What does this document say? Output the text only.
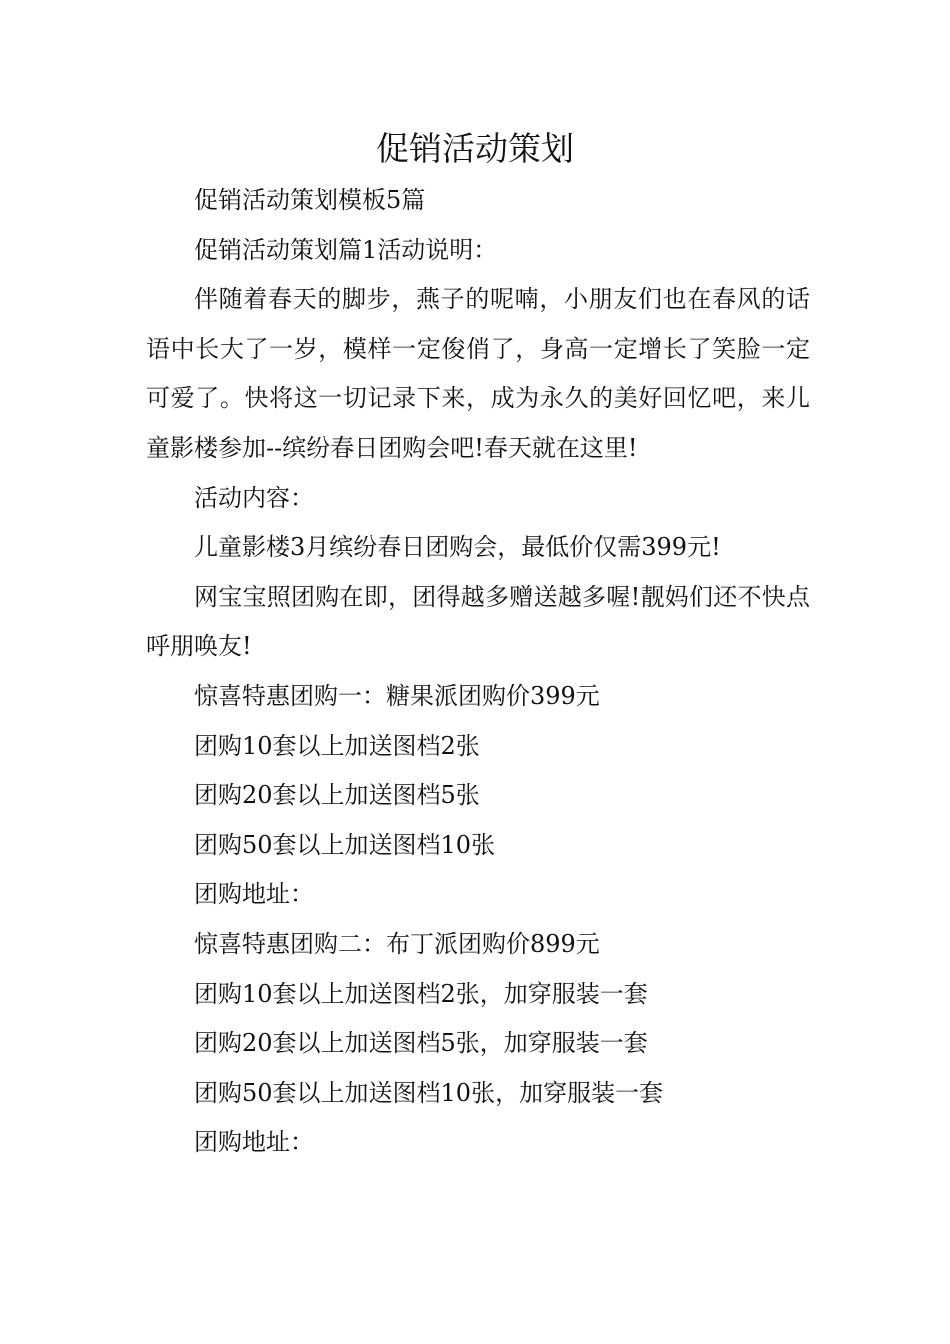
促销活动策划

促销活动策划模板5篇

促销活动策划篇1活动说明：

伴随着春天的脚步，燕子的呢喃，小朋友们也在春风的话语中长大了一岁，模样一定俊俏了，身高一定增长了笑脸一定可爱了。快将这一切记录下来，成为永久的美好回忆吧，来儿童影楼参加--缤纷春日团购会吧!春天就在这里!

活动内容：

儿童影楼3月缤纷春日团购会，最低价仅需399元!

网宝宝照团购在即，团得越多赠送越多喔!靓妈们还不快点呼朋唤友!

惊喜特惠团购一：糖果派团购价399元

团购10套以上加送图档2张

团购20套以上加送图档5张

团购50套以上加送图档10张

团购地址：

惊喜特惠团购二：布丁派团购价899元

团购10套以上加送图档2张，加穿服装一套

团购20套以上加送图档5张，加穿服装一套

团购50套以上加送图档10张，加穿服装一套

团购地址：
